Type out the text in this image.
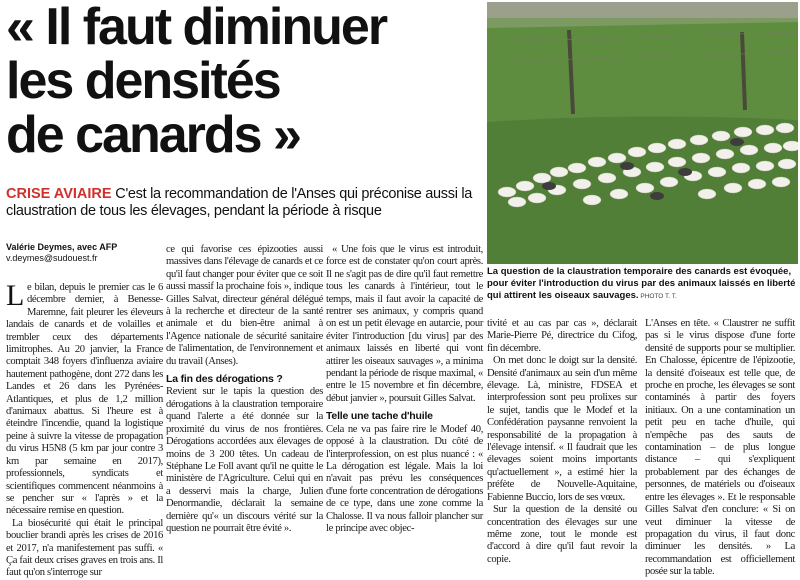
« Il faut diminuer
les densités
de canards »
La question de la claustration temporaire des canards est évoquée, pour éviter l'introduction du virus par des animaux laissés en liberté qui attirent les oiseaux sauvages. PHOTO T. T.
CRISE AVIAIRE C'est la recommandation de l'Anses qui préconise aussi la claustration de tous les élevages, pendant la période à risque
Valérie Deymes, avec AFP
v.deymes@sudouest.fr

Le bilan, depuis le premier cas le 6 décembre dernier, à Benesse-Maremne, fait pleurer les éleveurs landais de canards et de volailles et trembler ceux des départements limitrophes. Au 20 janvier, la France comptait 348 foyers d'influenza aviaire hautement pathogène, dont 272 dans les Landes et 26 dans les Pyrénées-Atlantiques, et plus de 1,2 million d'animaux abattus. Si l'heure est à éteindre l'incendie, quand la logistique peine à suivre la vitesse de propagation du virus H5N8 (5 km par jour contre 3 km par semaine en 2017), professionnels, syndicats et scientifiques commencent néanmoins à se pencher sur « l'après » et la nécessaire remise en question.

La biosécurité qui était le principal bouclier brandi après les crises de 2016 et 2017, n'a manifestement pas suffi. « Ça fait deux crises graves en trois ans. Il faut qu'on s'interroge sur

ce qui favorise ces épizooties aussi massives dans l'élevage de canards et ce qu'il faut changer pour éviter que ce soit aussi massif la prochaine fois », indique Gilles Salvat, directeur général délégué à la recherche et directeur de la santé animale et du bien-être animal à l'Agence nationale de sécurité sanitaire de l'alimentation, de l'environnement et du travail (Anses).

La fin des dérogations ?

Revient sur le tapis la question des dérogations à la claustration temporaire quand l'alerte a été donnée sur la proximité du virus de nos frontières. Dérogations accordées aux élevages de moins de 3 200 têtes. Un cadeau de Stéphane Le Foll avant qu'il ne quitte le ministère de l'Agriculture. Celui qui en a desservi mais la charge, Julien Denormandie, déclarait la semaine dernière qu'« un discours vérité sur la question ne pourrait être évité ».

« Une fois que le virus est introduit, force est de constater qu'on court après. Il ne s'agit pas de dire qu'il faut remettre tous les canards à l'intérieur, tout le temps, mais il faut avoir la capacité de rentrer ses animaux, y compris quand on est un petit élevage en autarcie, pour éviter l'introduction [du virus] par des animaux laissés en liberté qui vont attirer les oiseaux sauvages », a minima pendant la période de risque maximal, « entre le 15 novembre et fin décembre, début janvier », poursuit Gilles Salvat.

Telle une tache d'huile

Cela ne va pas faire rire le Modef 40, opposé à la claustration. Du côté de l'interprofession, on est plus nuancé : « La dérogation est légale. Mais la loi n'avait pas prévu les conséquences d'une forte concentration de dérogations de ce type, dans une zone comme la Chalosse. Il va nous falloir plancher sur le principe avec objec-

tivité et au cas par cas », déclarait Marie-Pierre Pé, directrice du Cifog, fin décembre.

On met donc le doigt sur la densité. Densité d'animaux au sein d'un même élevage. Là, ministre, FDSEA et interprofession sont peu prolixes sur le sujet, tandis que le Modef et la Confédération paysanne renvoient la responsabilité de la propagation à l'élevage intensif. « Il faudrait que les élevages soient moins importants qu'actuellement », a estimé hier la préfète de Nouvelle-Aquitaine, Fabienne Buccio, lors de ses vœux.

Sur la question de la densité ou concentration des élevages sur une même zone, tout le monde est d'accord à dire qu'il faut revoir la copie.

L'Anses en tête. « Claustrer ne suffit pas si le virus dispose d'une forte densité de supports pour se multiplier. En Chalosse, épicentre de l'épizootie, la densité d'oiseaux est telle que, de proche en proche, les élevages se sont contaminés à partir des foyers initiaux. On a une contamination un petit peu en tache d'huile, qui n'empêche pas des sauts de contamination – de plus longue distance – qui s'expliquent probablement par des échanges de personnes, de matériels ou d'oiseaux entre les élevages ». Et le responsable Gilles Salvat d'en conclure: « Si on veut diminuer la vitesse de propagation du virus, il faut donc diminuer les densités. » La recommandation est officiellement posée sur la table.
